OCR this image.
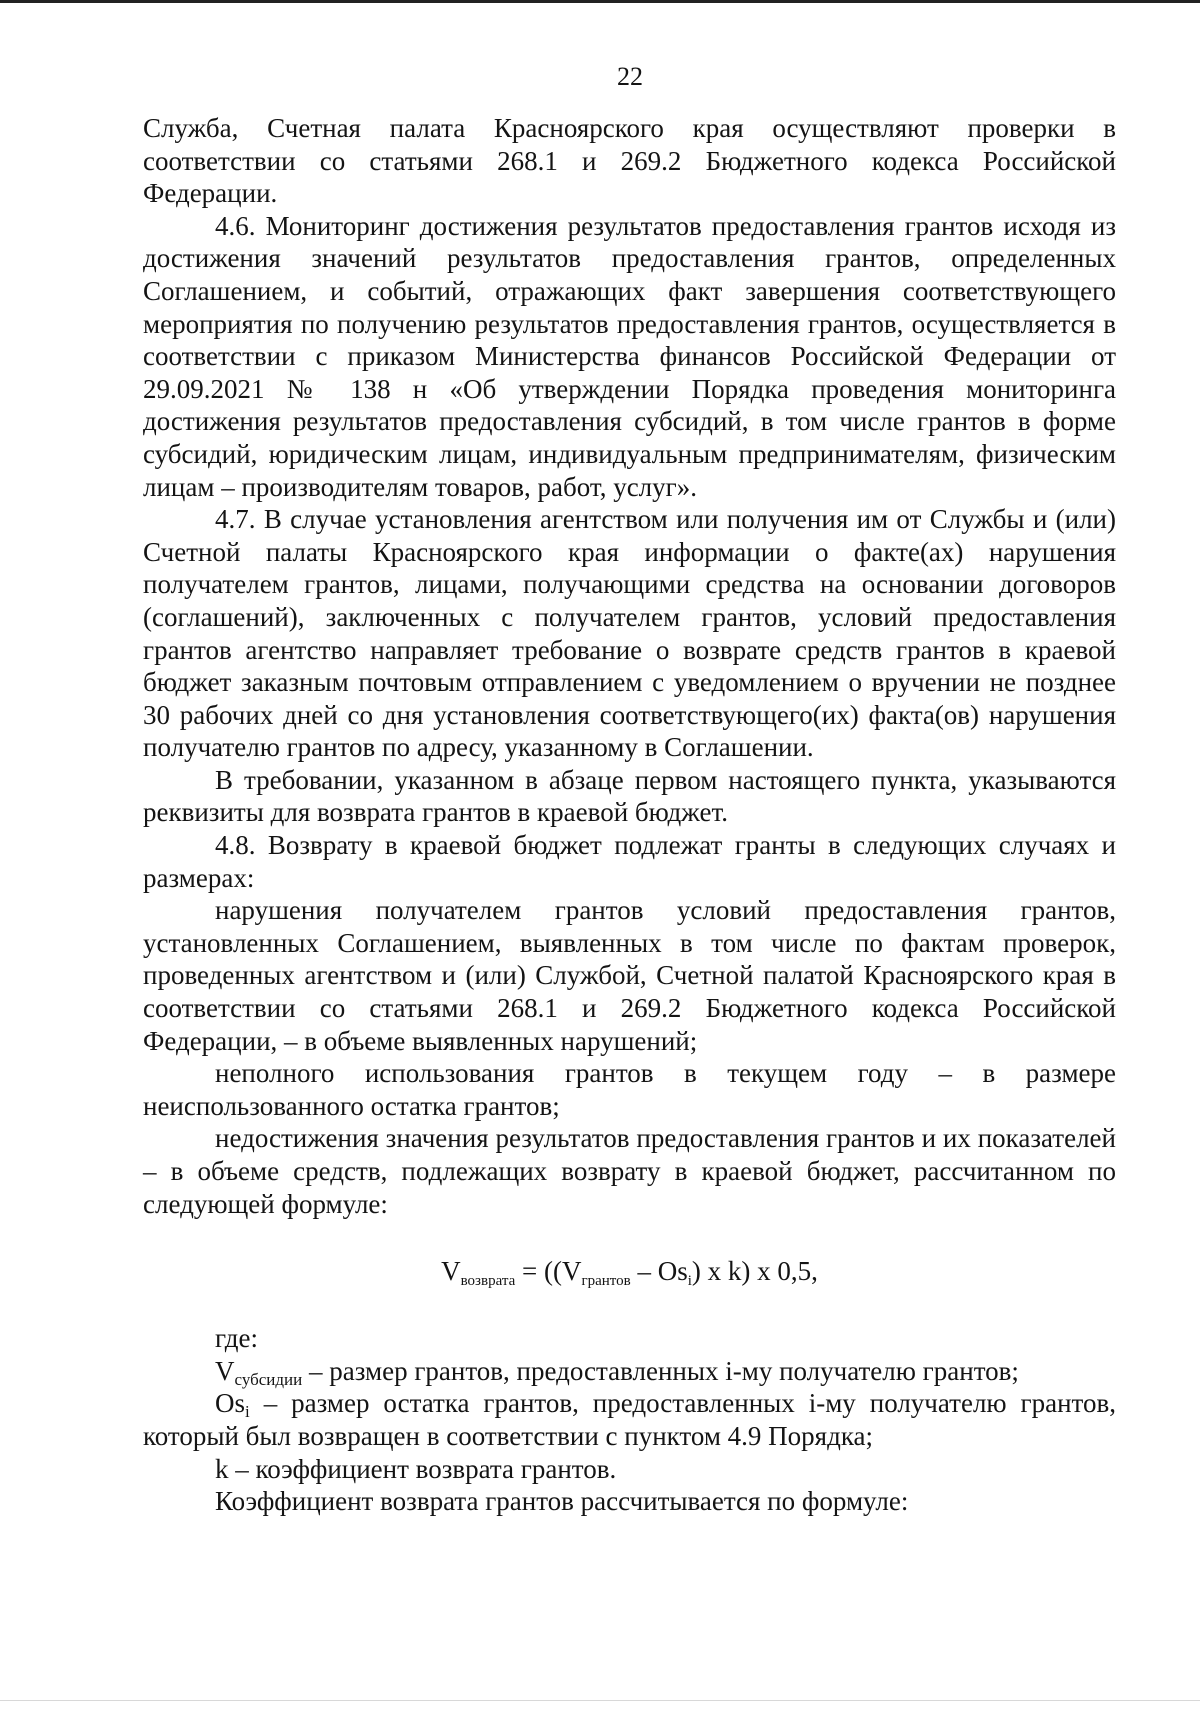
22

Служба, Счетная палата Красноярского края осуществляют проверки в соответствии со статьями 268.1 и 269.2 Бюджетного кодекса Российской Федерации.

4.6. Мониторинг достижения результатов предоставления грантов исходя из достижения значений результатов предоставления грантов, определенных Соглашением, и событий, отражающих факт завершения соответствующего мероприятия по получению результатов предоставления грантов, осуществляется в соответствии с приказом Министерства финансов Российской Федерации от 29.09.2021 № 138 н «Об утверждении Порядка проведения мониторинга достижения результатов предоставления субсидий, в том числе грантов в форме субсидий, юридическим лицам, индивидуальным предпринимателям, физическим лицам – производителям товаров, работ, услуг».

4.7. В случае установления агентством или получения им от Службы и (или) Счетной палаты Красноярского края информации о факте(ах) нарушения получателем грантов, лицами, получающими средства на основании договоров (соглашений), заключенных с получателем грантов, условий предоставления грантов агентство направляет требование о возврате средств грантов в краевой бюджет заказным почтовым отправлением с уведомлением о вручении не позднее 30 рабочих дней со дня установления соответствующего(их) факта(ов) нарушения получателю грантов по адресу, указанному в Соглашении.

В требовании, указанном в абзаце первом настоящего пункта, указываются реквизиты для возврата грантов в краевой бюджет.

4.8. Возврату в краевой бюджет подлежат гранты в следующих случаях и размерах:

нарушения получателем грантов условий предоставления грантов, установленных Соглашением, выявленных в том числе по фактам проверок, проведенных агентством и (или) Службой, Счетной палатой Красноярского края в соответствии со статьями 268.1 и 269.2 Бюджетного кодекса Российской Федерации, – в объеме выявленных нарушений;

неполного использования грантов в текущем году – в размере неиспользованного остатка грантов;

недостижения значения результатов предоставления грантов и их показателей – в объеме средств, подлежащих возврату в краевой бюджет, рассчитанном по следующей формуле:

$V_{возврата} = ((V_{грантов} - Os_i)$ x k) x 0,5,

где:

$V_{субсидии}$ – размер грантов, предоставленных i-му получателю грантов;

$Os_i$ – размер остатка грантов, предоставленных i-му получателю грантов, который был возвращен в соответствии с пунктом 4.9 Порядка;

k – коэффициент возврата грантов.

Коэффициент возврата грантов рассчитывается по формуле:
